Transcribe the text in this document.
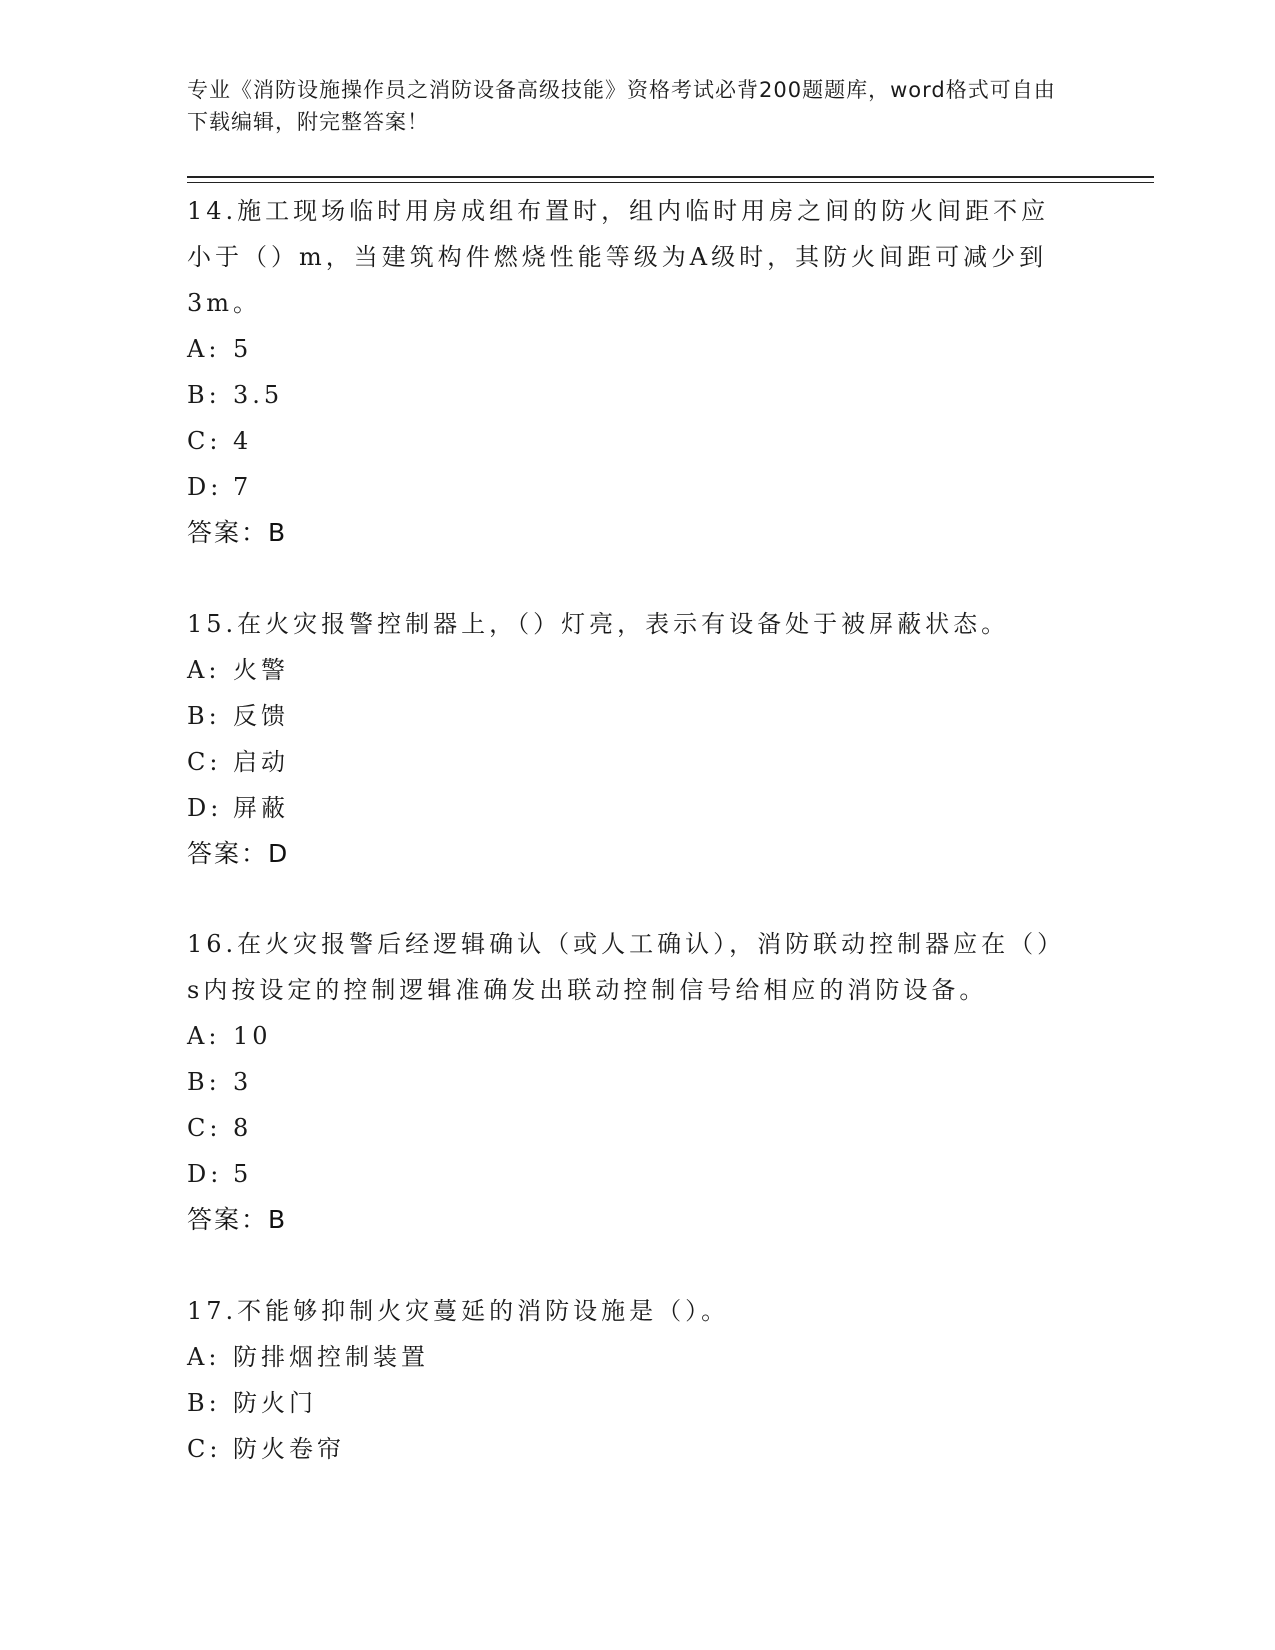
专业《消防设施操作员之消防设备高级技能》资格考试必背200题题库，word格式可自由下载编辑，附完整答案！

14.施工现场临时用房成组布置时，组内临时用房之间的防火间距不应小于（）m，当建筑构件燃烧性能等级为A级时，其防火间距可减少到3m。

A: 5
B: 3.5
C: 4
D: 7
答案：B

15.在火灾报警控制器上，（）灯亮，表示有设备处于被屏蔽状态。

A: 火警
B: 反馈
C: 启动
D: 屏蔽
答案：D

16.在火灾报警后经逻辑确认（或人工确认），消防联动控制器应在（）s内按设定的控制逻辑准确发出联动控制信号给相应的消防设备。

A: 10
B: 3
C: 8
D: 5
答案：B

17.不能够抑制火灾蔓延的消防设施是（）。

A: 防排烟控制装置
B: 防火门
C: 防火卷帘
